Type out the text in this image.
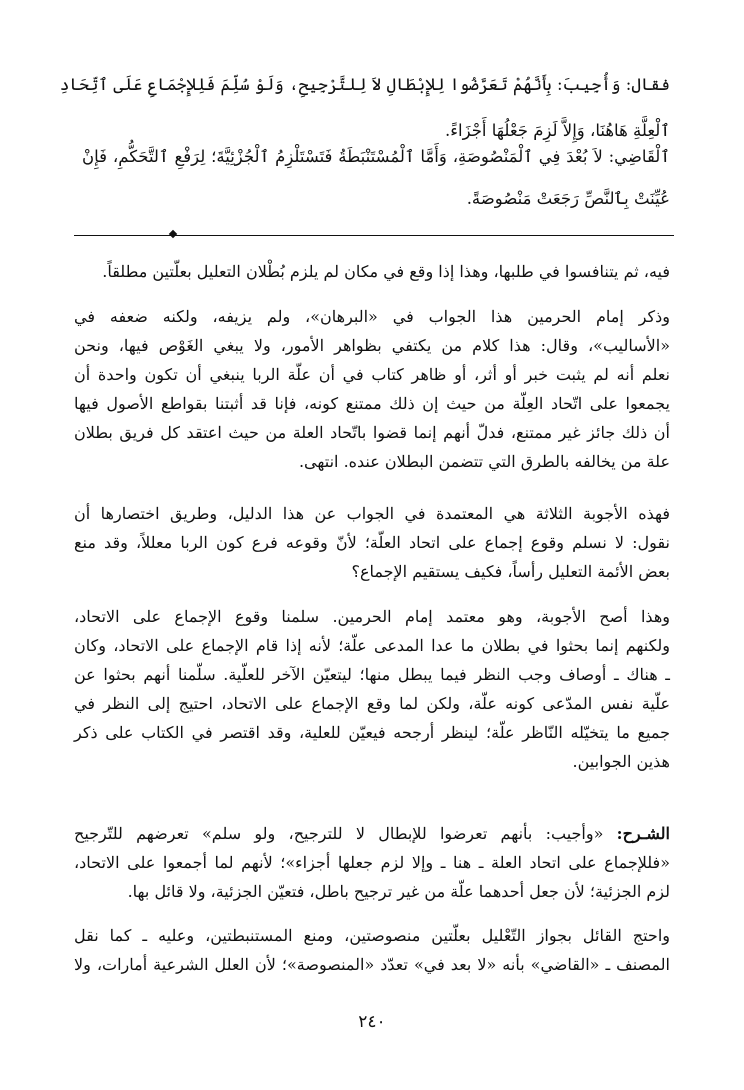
فقال: وَأُجِيبَ: بِأَنَّهُمْ تَعَرَّضُوا لِلإِبْطَالِ لاَ لِلتَّرْجِيحِ، وَلَوْ سُلِّمَ فَلِلإِجْمَاعِ عَلَى ٱتِّحَادِ
ٱلْعِلَّةِ هَاهُنَا، وَإِلاَّ لَزِمَ جَعْلُهَا أَجْزَاءً.
ٱلْقَاضِي: لاَ بُعْدَ فِي ٱلْمَنْصُوصَةِ، وَأَمَّا ٱلْمُسْتَنْبَطَةُ فَتَسْتَلْزِمُ ٱلْجُزْئِيَّةَ؛ لِرَفْعِ ٱلتَّحَكُّمِ، فَإِنْ
عُيِّنَتْ بِٱلنَّصِّ رَجَعَتْ مَنْصُوصَةً.
فيه، ثم يتنافسوا في طلبها، وهذا إذا وقع في مكان لم يلزم بُطْلان التعليل بعلّتين مطلقاً.
وذكر إمام الحرمين هذا الجواب في «البرهان»، ولم يزيفه، ولكنه ضعفه في
«الأساليب»، وقال: هذا كلام من يكتفي بظواهر الأمور، ولا يبغي الغَوْص فيها، ونحن
نعلم أنه لم يثبت خبر أو أثر، أو ظاهر كتاب في أن علّة الربا ينبغي أن تكون واحدة أن
يجمعوا على اتّحاد العِلّة من حيث إن ذلك ممتنع كونه، فإنا قد أثبتنا بقواطع الأصول فيها
أن ذلك جائز غير ممتنع، فدلّ أنهم إنما قضوا باتّحاد العلة من حيث اعتقد كل فريق بطلان
علة من يخالفه بالطرق التي تتضمن البطلان عنده. انتهى.
فهذه الأجوبة الثلاثة هي المعتمدة في الجواب عن هذا الدليل، وطريق اختصارها أن
نقول: لا نسلم وقوع إجماع على اتحاد العلّة؛ لأنّ وقوعه فرع كون الربا معللاً، وقد منع
بعض الأئمة التعليل رأساً، فكيف يستقيم الإجماع؟
وهذا أصح الأجوبة، وهو معتمد إمام الحرمين. سلمنا وقوع الإجماع على الاتحاد،
ولكنهم إنما بحثوا في بطلان ما عدا المدعى علّة؛ لأنه إذا قام الإجماع على الاتحاد، وكان
ـ هناك ـ أوصاف وجب النظر فيما يبطل منها؛ ليتعيّن الآخر للعلّية. سلّمنا أنهم بحثوا عن
علّية نفس المدّعى كونه علّة، ولكن لما وقع الإجماع على الاتحاد، احتيج إلى النظر في
جميع ما يتخيّله النّاظر علّة؛ لينظر أرجحه فيعيّن للعلية، وقد اقتصر في الكتاب على ذكر
هذين الجوابين.
الشـرح: «وأجيب: بأنهم تعرضوا للإبطال لا للترجيح، ولو سلم» تعرضهم للتّرجيح
«فللإجماع على اتحاد العلة ـ هنا ـ وإلا لزم جعلها أجزاء»؛ لأنهم لما أجمعوا على الاتحاد،
لزم الجزئية؛ لأن جعل أحدهما علّة من غير ترجيح باطل، فتعيّن الجزئية، ولا قائل بها.
واحتج القائل بجواز التّعْليل بعلّتين منصوصتين، ومنع المستنبطتين، وعليه ـ كما نقل
المصنف ـ «القاضي» بأنه «لا بعد في» تعدّد «المنصوصة»؛ لأن العلل الشرعية أمارات، ولا
٢٤٠
